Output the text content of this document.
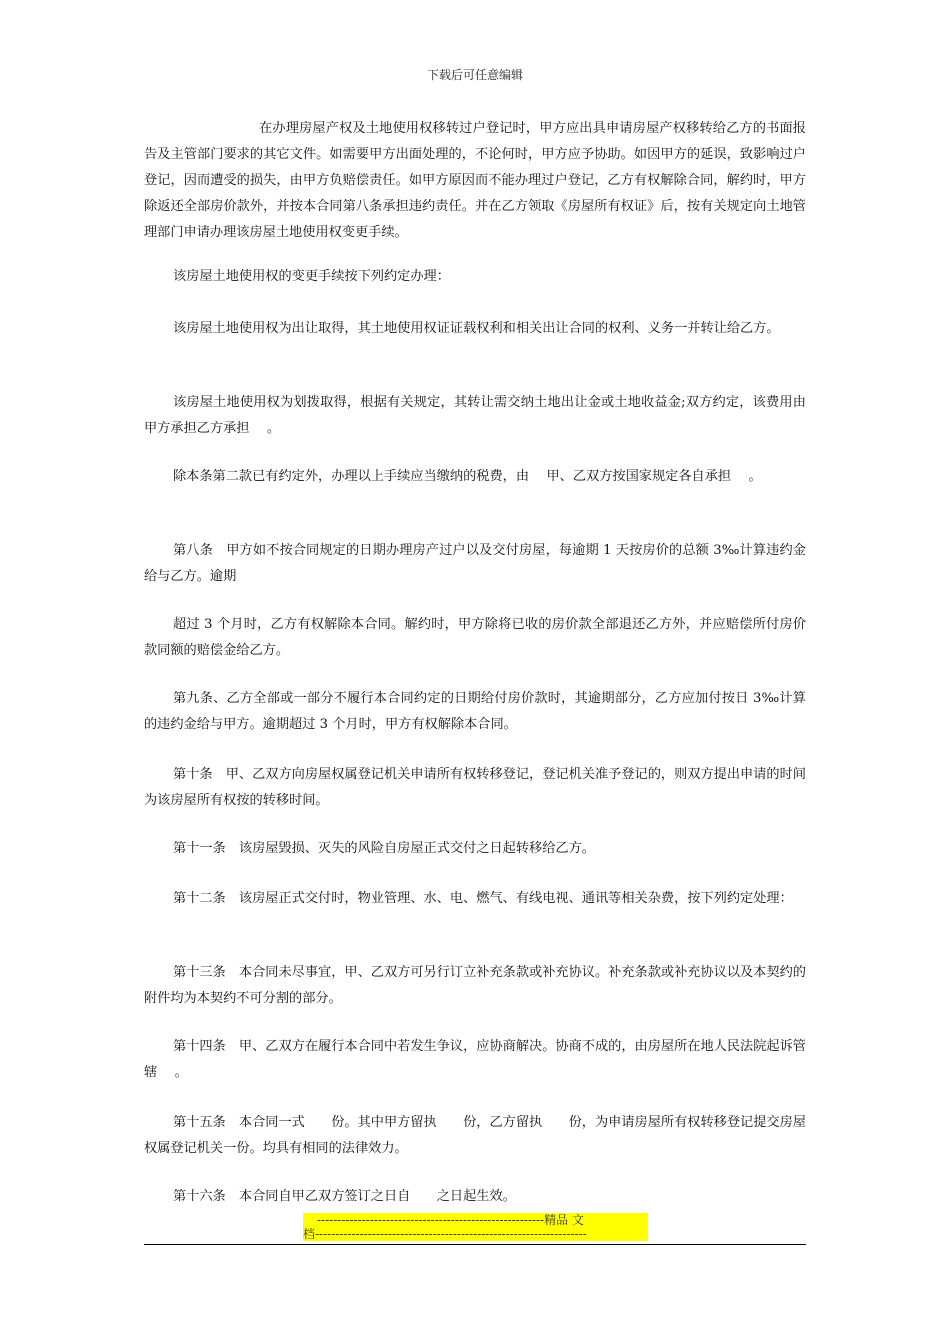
下载后可任意编辑

在办理房屋产权及土地使用权移转过户登记时，甲方应出具申请房屋产权移转给乙方的书面报告及主管部门要求的其它文件。如需要甲方出面处理的，不论何时，甲方应予协助。如因甲方的延误，致影响过户登记，因而遭受的损失，由甲方负赔偿责任。如甲方原因而不能办理过户登记，乙方有权解除合同，解约时，甲方除返还全部房价款外，并按本合同第八条承担违约责任。并在乙方领取《房屋所有权证》后，按有关规定向土地管理部门申请办理该房屋土地使用权变更手续。

该房屋土地使用权的变更手续按下列约定办理：

该房屋土地使用权为出让取得，其土地使用权证证载权利和相关出让合同的权利、义务一并转让给乙方。

该房屋土地使用权为划拨取得，根据有关规定，其转让需交纳土地出让金或土地收益金;双方约定，该费用由　甲方承担乙方承担　 。

除本条第二款已有约定外，办理以上手续应当缴纳的税费，由　 甲、乙双方按国家规定各自承担　 。

第八条　甲方如不按合同规定的日期办理房产过户以及交付房屋，每逾期 1 天按房价的总额 3‰计算违约金给与乙方。逾期

超过 3 个月时，乙方有权解除本合同。解约时，甲方除将已收的房价款全部退还乙方外，并应赔偿所付房价款同额的赔偿金给乙方。

第九条、乙方全部或一部分不履行本合同约定的日期给付房价款时，其逾期部分，乙方应加付按日 3‰计算的违约金给与甲方。逾期超过 3 个月时，甲方有权解除本合同。

第十条　甲、乙双方向房屋权属登记机关申请所有权转移登记，登记机关准予登记的，则双方提出申请的时间为该房屋所有权按的转移时间。

第十一条　该房屋毁损、灭失的风险自房屋正式交付之日起转移给乙方。

第十二条　该房屋正式交付时，物业管理、水、电、燃气、有线电视、通讯等相关杂费，按下列约定处理：

第十三条　本合同未尽事宜，甲、乙双方可另行订立补充条款或补充协议。补充条款或补充协议以及本契约的附件均为本契约不可分割的部分。

第十四条　甲、乙双方在履行本合同中若发生争议，应协商解决。协商不成的，由房屋所在地人民法院起诉管辖　 。

第十五条　本合同一式　　份。其中甲方留执　　份，乙方留执　　份，为申请房屋所有权转移登记提交房屋权属登记机关一份。均具有相同的法律效力。

第十六条　本合同自甲乙双方签订之日自　　之日起生效。

--------------------------------------------------------精品 文
档-------------------------------------------------------------------
